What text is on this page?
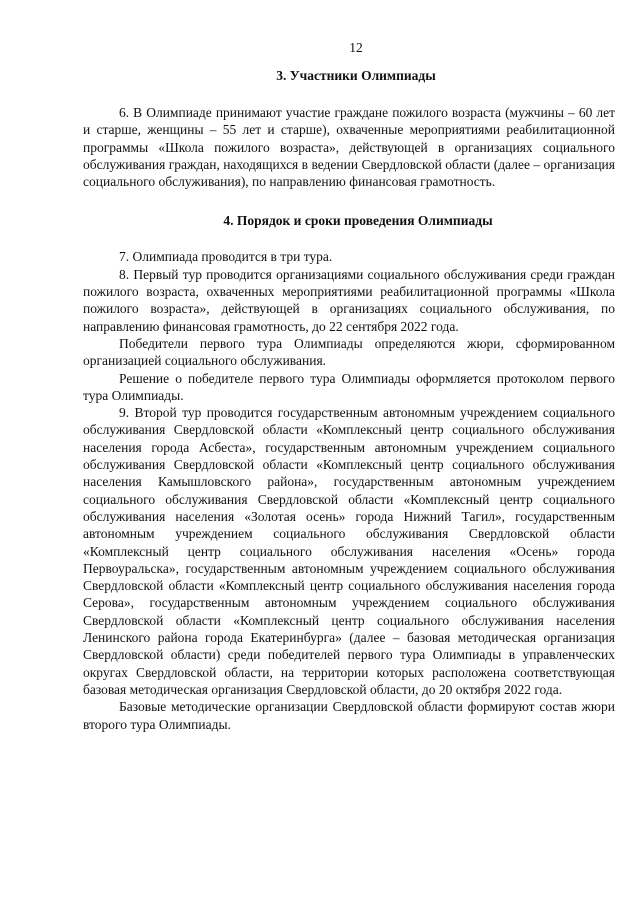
12
3. Участники Олимпиады

6. В Олимпиаде принимают участие граждане пожилого возраста (мужчины – 60 лет и старше, женщины – 55 лет и старше), охваченные мероприятиями реабилитационной программы «Школа пожилого возраста», действующей в организациях социального обслуживания граждан, находящихся в ведении Свердловской области (далее – организация социального обслуживания), по направлению финансовая грамотность.

4. Порядок и сроки проведения Олимпиады

7. Олимпиада проводится в три тура.

8. Первый тур проводится организациями социального обслуживания среди граждан пожилого возраста, охваченных мероприятиями реабилитационной программы «Школа пожилого возраста», действующей в организациях социального обслуживания, по направлению финансовая грамотность, до 22 сентября 2022 года.

Победители первого тура Олимпиады определяются жюри, сформированном организацией социального обслуживания.

Решение о победителе первого тура Олимпиады оформляется протоколом первого тура Олимпиады.

9. Второй тур проводится государственным автономным учреждением социального обслуживания Свердловской области «Комплексный центр социального обслуживания населения города Асбеста», государственным автономным учреждением социального обслуживания Свердловской области «Комплексный центр социального обслуживания населения Камышловского района», государственным автономным учреждением социального обслуживания Свердловской области «Комплексный центр социального обслуживания населения «Золотая осень» города Нижний Тагил», государственным автономным учреждением социального обслуживания Свердловской области «Комплексный центр социального обслуживания населения «Осень» города Первоуральска», государственным автономным учреждением социального обслуживания Свердловской области «Комплексный центр социального обслуживания населения города Серова», государственным автономным учреждением социального обслуживания Свердловской области «Комплексный центр социального обслуживания населения Ленинского района города Екатеринбурга» (далее – базовая методическая организация Свердловской области) среди победителей первого тура Олимпиады в управленческих округах Свердловской области, на территории которых расположена соответствующая базовая методическая организация Свердловской области, до 20 октября 2022 года.

Базовые методические организации Свердловской области формируют состав жюри второго тура Олимпиады.
